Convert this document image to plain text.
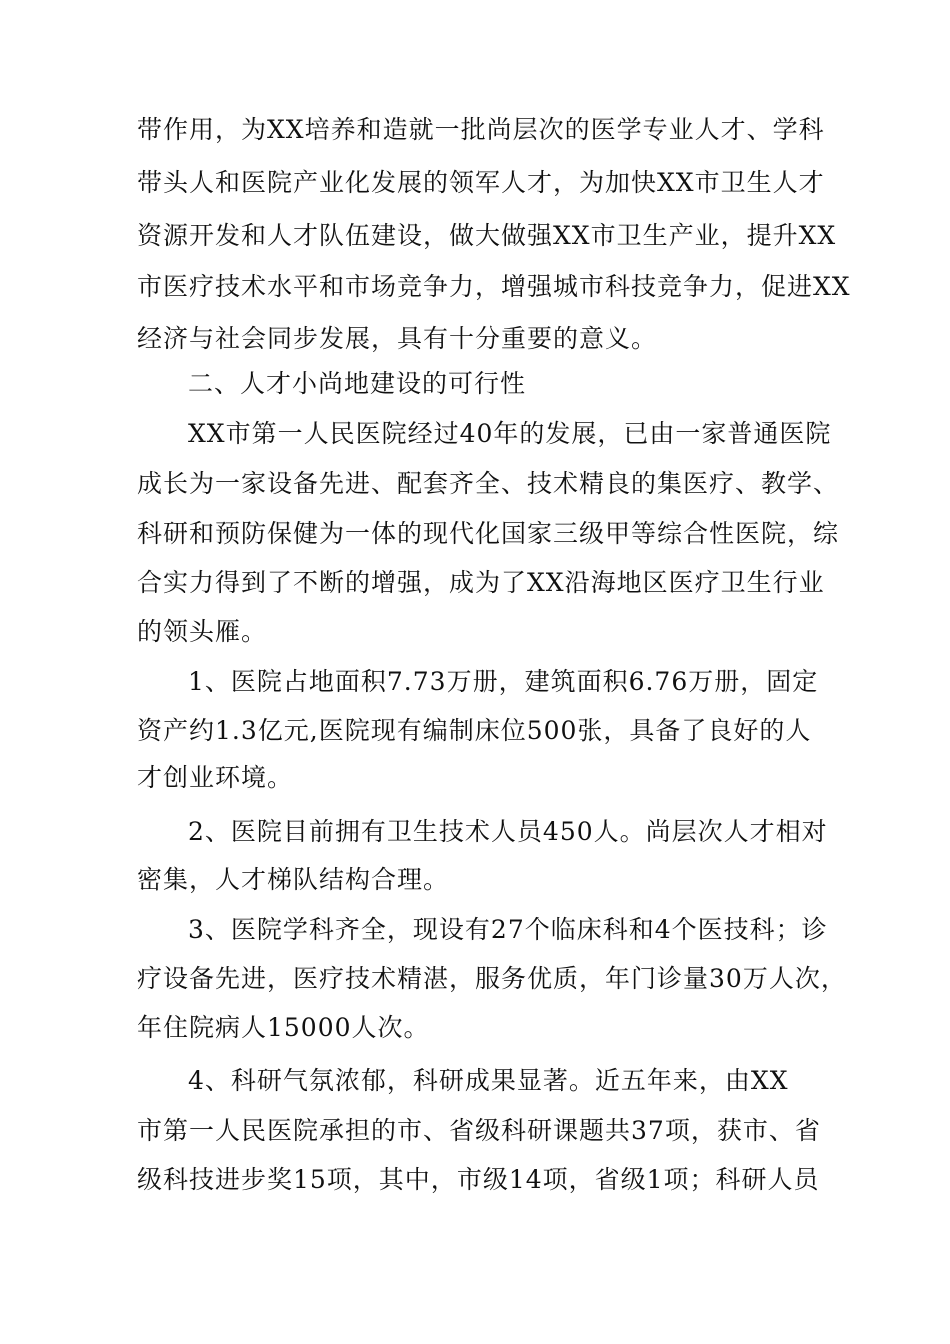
带作用，为XX培养和造就一批尚层次的医学专业人才、学科
带头人和医院产业化发展的领军人才，为加快XX市卫生人才
资源开发和人才队伍建设，做大做强XX市卫生产业，提升XX
市医疗技术水平和市场竞争力，增强城市科技竞争力，促进XX
经济与社会同步发展，具有十分重要的意义。
二、人才小尚地建设的可行性
XX市第一人民医院经过40年的发展，已由一家普通医院
成长为一家设备先进、配套齐全、技术精良的集医疗、教学、
科研和预防保健为一体的现代化国家三级甲等综合性医院，综
合实力得到了不断的增强，成为了XX沿海地区医疗卫生行业
的领头雁。
1、医院占地面积7.73万册，建筑面积6.76万册，固定
资产约1.3亿元,医院现有编制床位500张，具备了良好的人
才创业环境。
2、医院目前拥有卫生技术人员450人。尚层次人才相对
密集，人才梯队结构合理。
3、医院学科齐全，现设有27个临床科和4个医技科；诊
疗设备先进，医疗技术精湛，服务优质，年门诊量30万人次，
年住院病人15000人次。
4、科研气氛浓郁，科研成果显著。近五年来，由XX
市第一人民医院承担的市、省级科研课题共37项，获市、省
级科技进步奖15项，其中，市级14项，省级1项；科研人员
